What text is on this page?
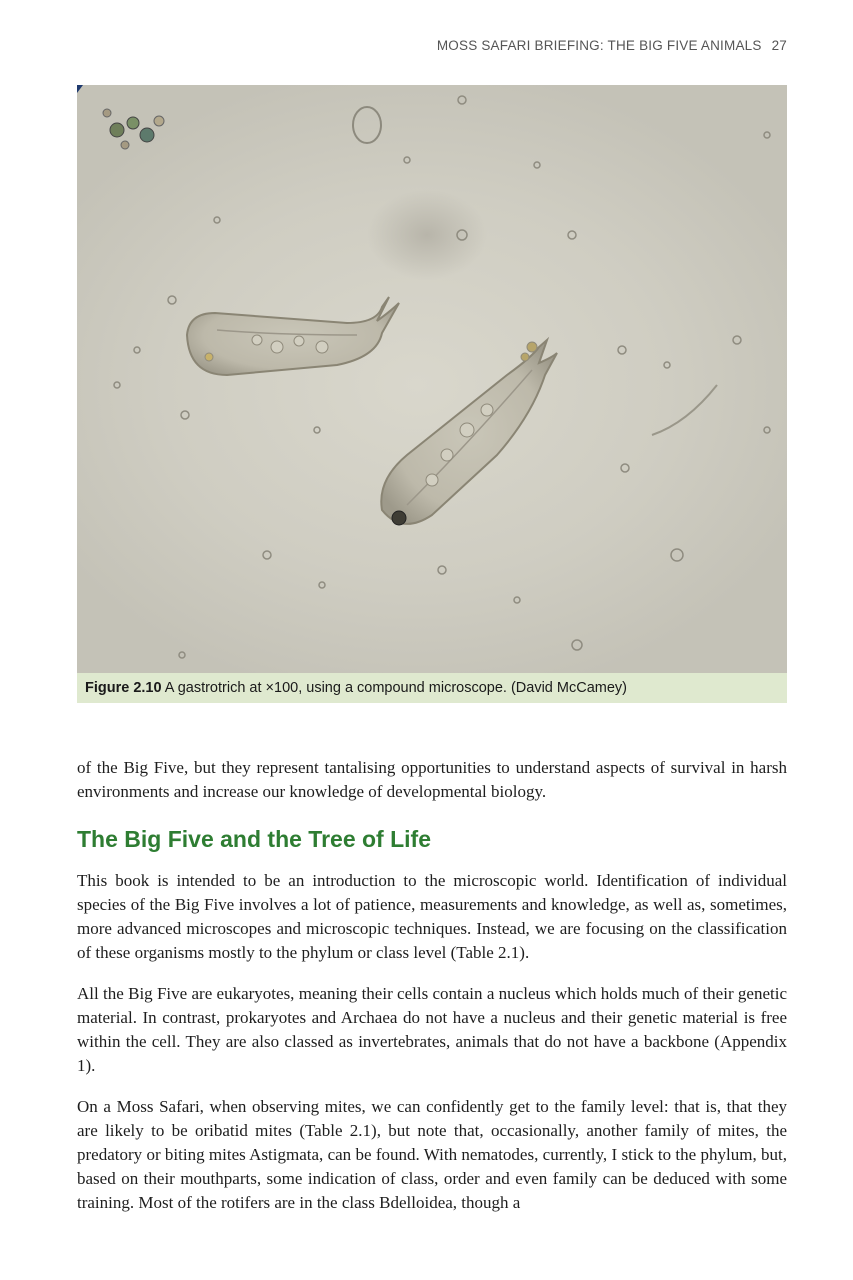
MOSS SAFARI BRIEFING: THE BIG FIVE ANIMALS 27
Figure 2.10 A gastrotrich at ×100, using a compound microscope. (David McCamey)

of the Big Five, but they represent tantalising opportunities to understand aspects of survival in harsh environments and increase our knowledge of developmental biology.

The Big Five and the Tree of Life

This book is intended to be an introduction to the microscopic world. Identification of individual species of the Big Five involves a lot of patience, measurements and knowledge, as well as, sometimes, more advanced microscopes and microscopic techniques. Instead, we are focusing on the classification of these organisms mostly to the phylum or class level (Table 2.1).

All the Big Five are eukaryotes, meaning their cells contain a nucleus which holds much of their genetic material. In contrast, prokaryotes and Archaea do not have a nucleus and their genetic material is free within the cell. They are also classed as invertebrates, animals that do not have a backbone (Appendix 1).

On a Moss Safari, when observing mites, we can confidently get to the family level: that is, that they are likely to be oribatid mites (Table 2.1), but note that, occasionally, another family of mites, the predatory or biting mites Astigmata, can be found. With nematodes, currently, I stick to the phylum, but, based on their mouthparts, some indication of class, order and even family can be deduced with some training. Most of the rotifers are in the class Bdelloidea, though a
